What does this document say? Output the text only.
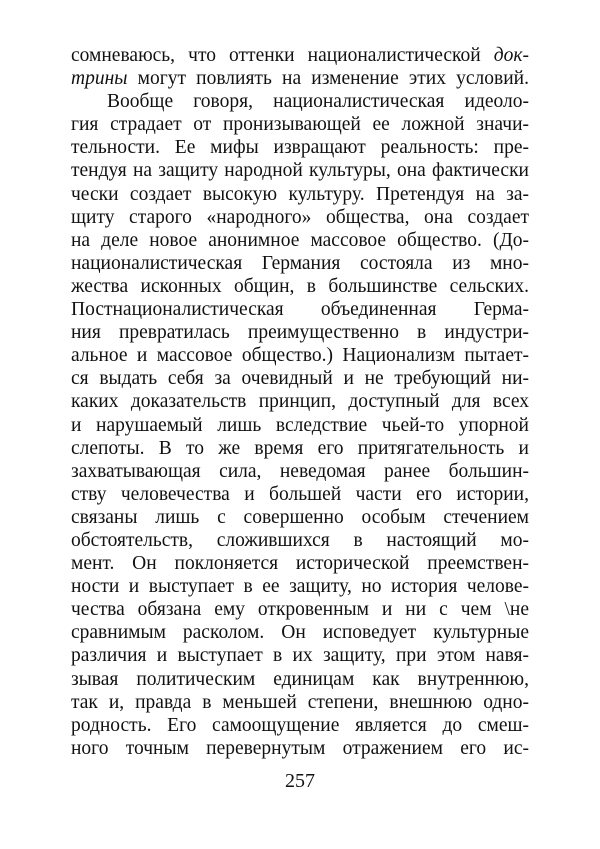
сомневаюсь, что оттенки националистической док-
трины могут повлиять на изменение этих условий.
Вообще говоря, националистическая идеоло-
гия страдает от пронизывающей ее ложной значи-
тельности. Ее мифы извращают реальность: пре-
тендуя на защиту народной культуры, она фактически
чески создает высокую культуру. Претендуя на за-
щиту старого «народного» общества, она создает
на деле новое анонимное массовое общество. (До-
националистическая Германия состояла из мно-
жества исконных общин, в большинстве сельских.
Постнационалистическая объединенная Герма-
ния превратилась преимущественно в индустри-
альное и массовое общество.) Национализм пытает-
ся выдать себя за очевидный и не требующий ни-
каких доказательств принцип, доступный для всех
и нарушаемый лишь вследствие чьей-то упорной
слепоты. В то же время его притягательность и
захватывающая сила, неведомая ранее большин-
ству человечества и большей части его истории,
связаны лишь с совершенно особым стечением
обстоятельств, сложившихся в настоящий мо-
мент. Он поклоняется исторической преемствен-
ности и выступает в ее защиту, но история челове-
чества обязана ему откровенным и ни с чем \не
сравнимым расколом. Он исповедует культурные
различия и выступает в их защиту, при этом навя-
зывая политическим единицам как внутреннюю,
так и, правда в меньшей степени, внешнюю одно-
родность. Его самоощущение является до смеш-
ного точным перевернутым отражением его ис-
257
